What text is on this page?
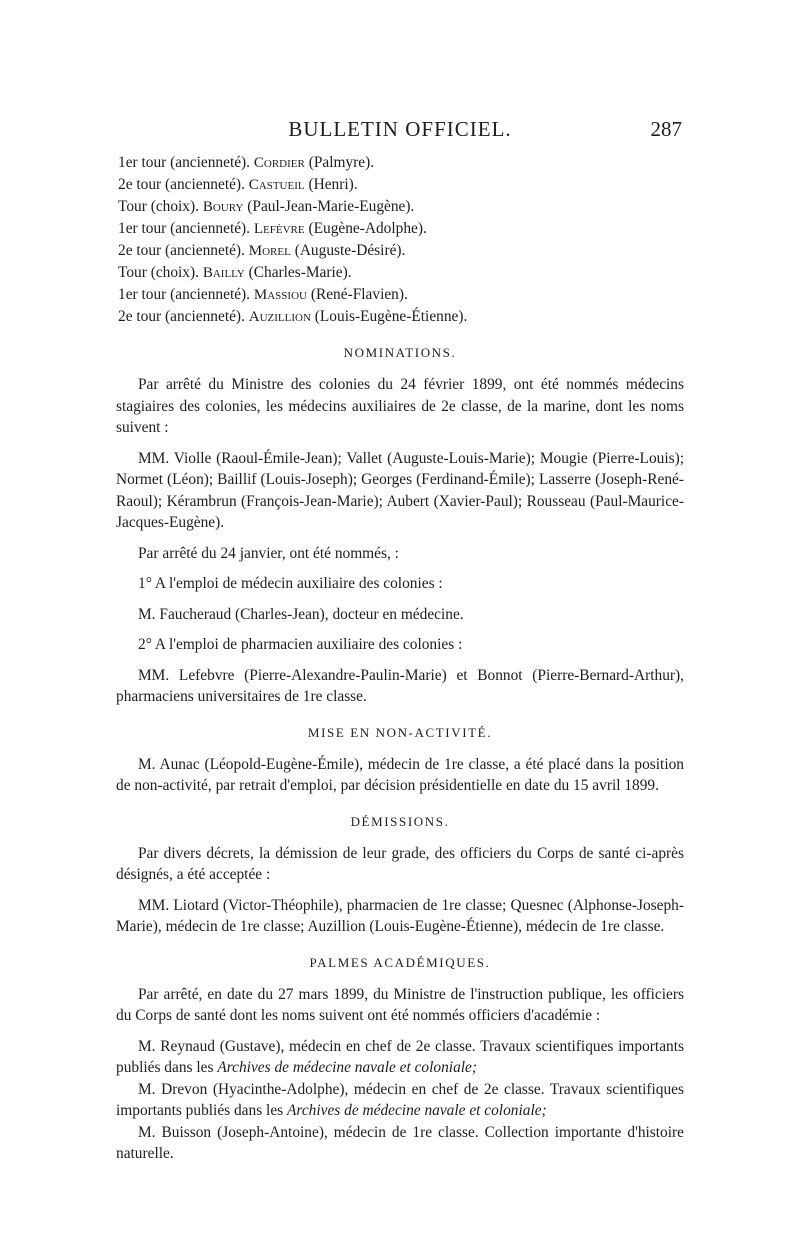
BULLETIN OFFICIEL.	287
1er tour (ancienneté). Cordier (Palmyre).
2e tour (ancienneté). Castueil (Henri).
Tour (choix). Boury (Paul-Jean-Marie-Eugène).
1er tour (ancienneté). Lefèvre (Eugène-Adolphe).
2e tour (ancienneté). Morel (Auguste-Désiré).
Tour (choix). Bailly (Charles-Marie).
1er tour (ancienneté). Massiou (René-Flavien).
2e tour (ancienneté). Auzillion (Louis-Eugène-Étienne).
NOMINATIONS.

Par arrêté du Ministre des colonies du 24 février 1899, ont été nommés médecins stagiaires des colonies, les médecins auxiliaires de 2e classe, de la marine, dont les noms suivent :

MM. Violle (Raoul-Émile-Jean); Vallet (Auguste-Louis-Marie); Mougie (Pierre-Louis); Normet (Léon); Baillif (Louis-Joseph); Georges (Ferdinand-Émile); Lasserre (Joseph-René-Raoul); Kérambrun (François-Jean-Marie); Aubert (Xavier-Paul); Rousseau (Paul-Maurice-Jacques-Eugène).

Par arrêté du 24 janvier, ont été nommés, :

1° A l'emploi de médecin auxiliaire des colonies :

M. Faucheraud (Charles-Jean), docteur en médecine.

2° A l'emploi de pharmacien auxiliaire des colonies :

MM. Lefebvre (Pierre-Alexandre-Paulin-Marie) et Bonnot (Pierre-Bernard-Arthur), pharmaciens universitaires de 1re classe.

MISE EN NON-ACTIVITÉ.

M. Aunac (Léopold-Eugène-Émile), médecin de 1re classe, a été placé dans la position de non-activité, par retrait d'emploi, par décision présidentielle en date du 15 avril 1899.

DÉMISSIONS.

Par divers décrets, la démission de leur grade, des officiers du Corps de santé ci-après désignés, a été acceptée :

MM. Liotard (Victor-Théophile), pharmacien de 1re classe; Quesnec (Alphonse-Joseph-Marie), médecin de 1re classe; Auzillion (Louis-Eugène-Étienne), médecin de 1re classe.

PALMES ACADÉMIQUES.

Par arrêté, en date du 27 mars 1899, du Ministre de l'instruction publique, les officiers du Corps de santé dont les noms suivent ont été nommés officiers d'académie :

M. Reynaud (Gustave), médecin en chef de 2e classe. Travaux scientifiques importants publiés dans les Archives de médecine navale et coloniale;

M. Drevon (Hyacinthe-Adolphe), médecin en chef de 2e classe. Travaux scientifiques importants publiés dans les Archives de médecine navale et coloniale;

M. Buisson (Joseph-Antoine), médecin de 1re classe. Collection importante d'histoire naturelle.
